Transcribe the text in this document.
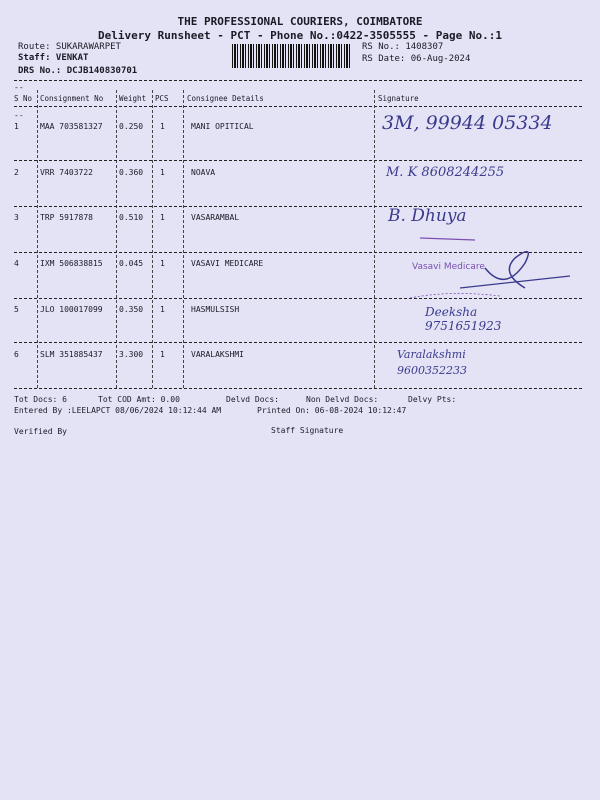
THE PROFESSIONAL COURIERS, COIMBATORE
Delivery Runsheet - PCT - Phone No.:0422-3505555 - Page No.:1
Route: SUKARAWARPET
Staff: VENKAT
DRS No.: DCJB140830701
RS No.: 1408307
RS Date: 06-Aug-2024
--
S No Consignment No Weight PCS Consignee Details	Signature
--
1	MAA 703581327 0.250 1	MANI OPITICAL	3M, 99944 05334
2	VRR 7403722	0.360 1	NOAVA	M. K 8608244255
3	TRP 5917878	0.510 1	VASARAMBAL	B. Dhuya
4	IXM 506838815 0.045 1	VASAVI MEDICARE	Vasavi Medicare
5	JLO 100017099 0.350 1	HASMULSISH	Deeksha 9751651923
6	SLM 351885437 3.300 1	VARALAKSHMI	Varalakshmi 9600352233
Tot Docs: 6	Tot COD Amt: 0.00	Delvd Docs:	Non Delvd Docs:	Delvy Pts:
Entered By :LEELAPCT 08/06/2024 10:12:44 AM	Printed On: 06-08-2024 10:12:47
Verified By	Staff Signature
